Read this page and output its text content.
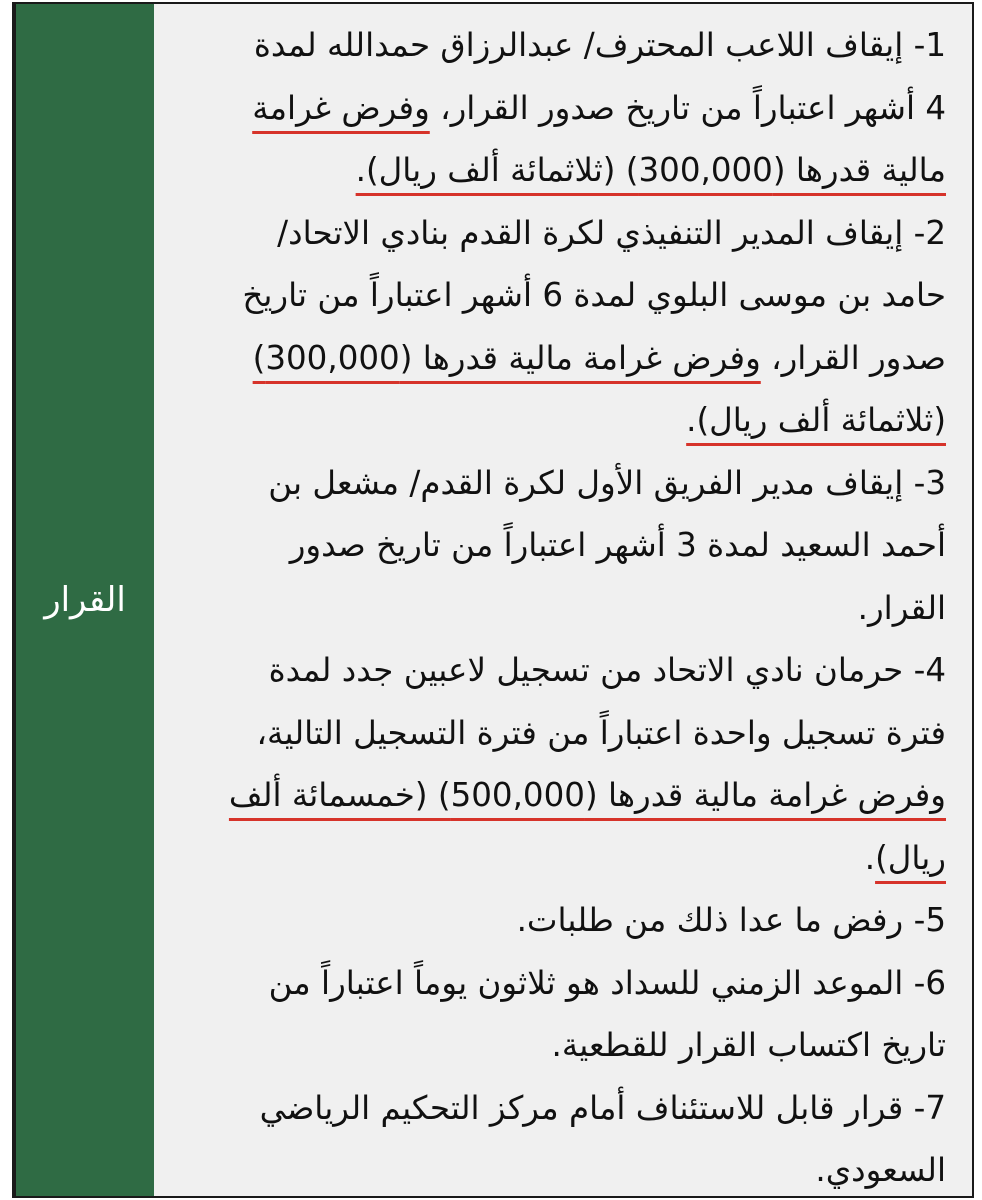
القرار
1- إيقاف اللاعب المحترف/ عبدالرزاق حمدالله لمدة
4 أشهر اعتباراً من تاريخ صدور القرار، وفرض غرامة
مالية قدرها (300,000) (ثلاثمائة ألف ريال).
2- إيقاف المدير التنفيذي لكرة القدم بنادي الاتحاد/
حامد بن موسى البلوي لمدة 6 أشهر اعتباراً من تاريخ
صدور القرار، وفرض غرامة مالية قدرها (300,000)
(ثلاثمائة ألف ريال).
3- إيقاف مدير الفريق الأول لكرة القدم/ مشعل بن
أحمد السعيد لمدة 3 أشهر اعتباراً من تاريخ صدور
القرار.
4- حرمان نادي الاتحاد من تسجيل لاعبين جدد لمدة
فترة تسجيل واحدة اعتباراً من فترة التسجيل التالية،
وفرض غرامة مالية قدرها (500,000) (خمسمائة ألف
ريال).
5- رفض ما عدا ذلك من طلبات.
6- الموعد الزمني للسداد هو ثلاثون يوماً اعتباراً من
تاريخ اكتساب القرار للقطعية.
7- قرار قابل للاستئناف أمام مركز التحكيم الرياضي
السعودي.
